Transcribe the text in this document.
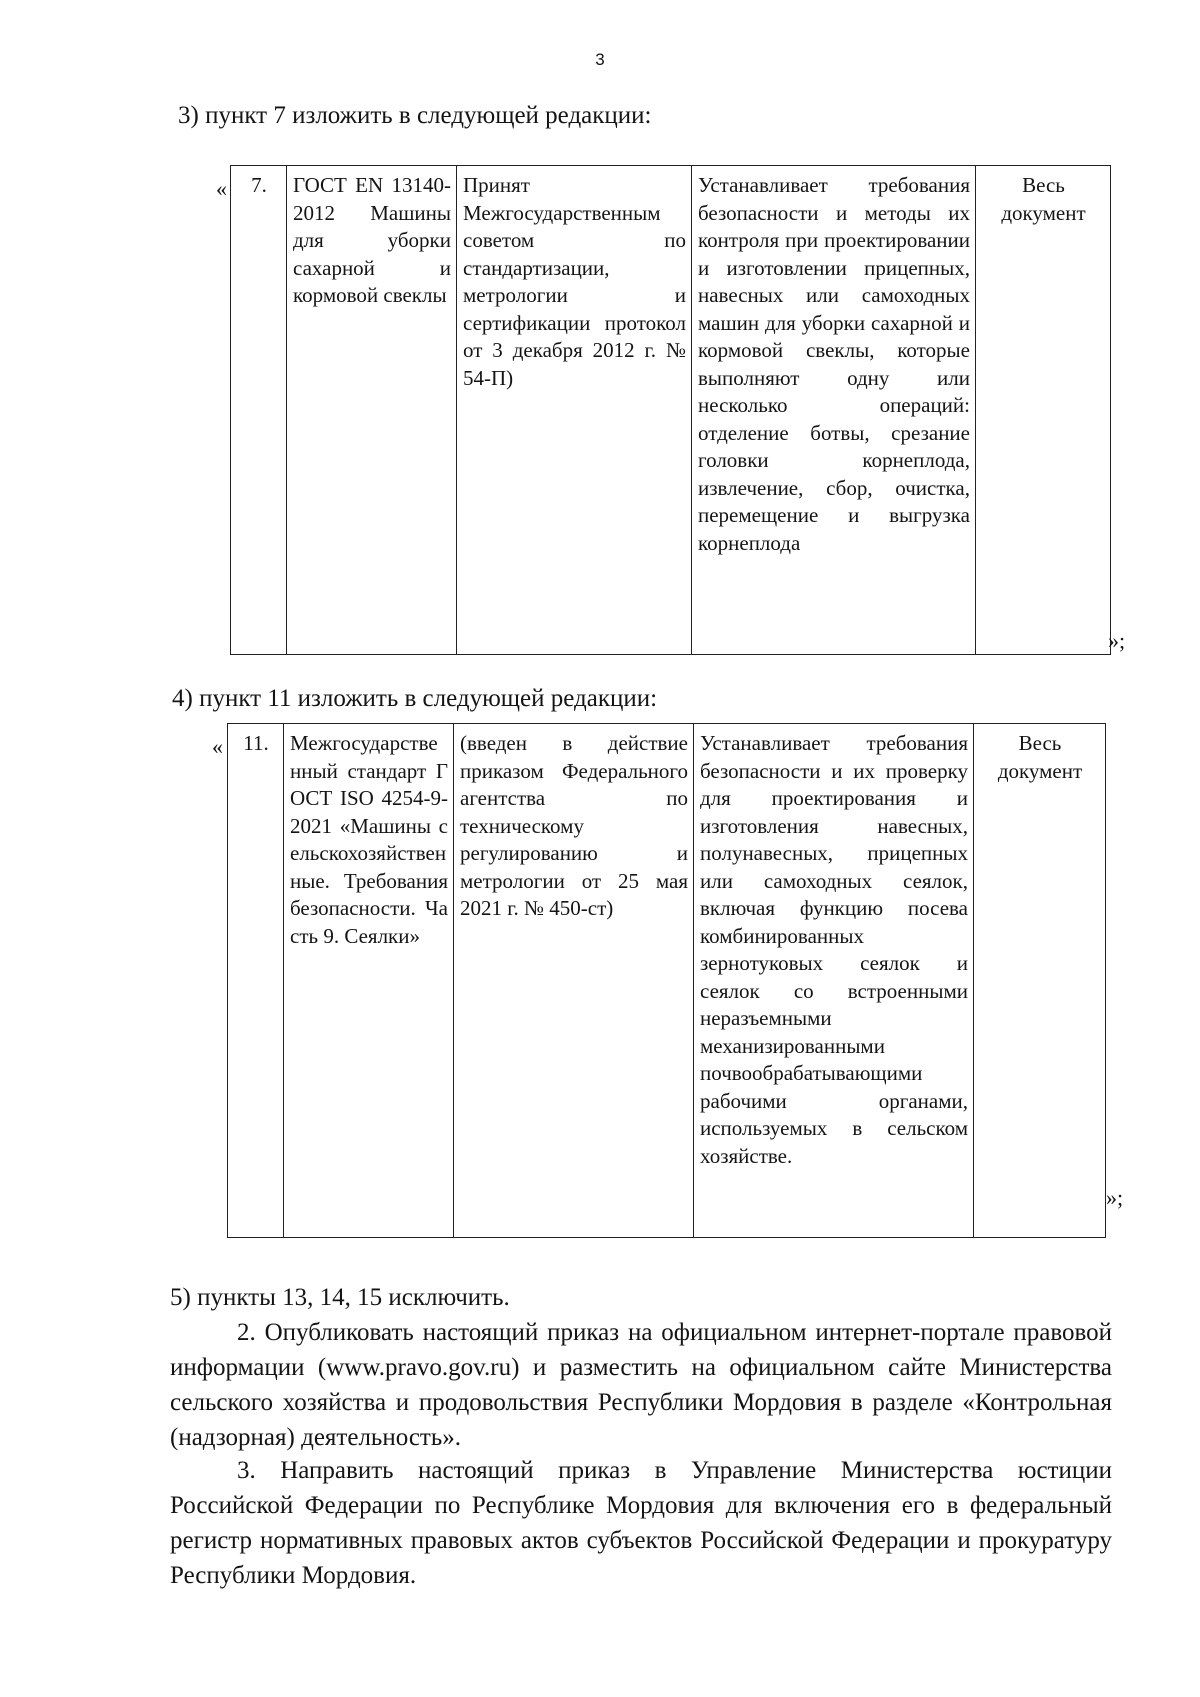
3
3) пункт 7 изложить в следующей редакции:
« 7.	ГОСТ EN 13140-2012 Машины для уборки сахарной и кормовой свеклы	Принят Межгосударственным советом по стандартизации, метрологии и сертификации протокол от 3 декабря 2012 г. № 54-П)	Устанавливает требования безопасности и методы их контроля при проектировании и изготовлении прицепных, навесных или самоходных машин для уборки сахарной и кормовой свеклы, которые выполняют одну или несколько операций: отделение ботвы, срезание головки корнеплода, извлечение, сбор, очистка, перемещение и выгрузка корнеплода	Весь документ
»;
4) пункт 11 изложить в следующей редакции:
« 11.	Межгосударственный стандарт ГОСТ ISO 4254-9-2021 «Машины сельскохозяйственные. Требования безопасности. Часть 9. Сеялки»	(введен в действие приказом Федерального агентства по техническому регулированию и метрологии от 25 мая 2021 г. № 450-ст)	Устанавливает требования безопасности и их проверку для проектирования и изготовления навесных, полунавесных, прицепных или самоходных сеялок, включая функцию посева комбинированных зернотуковых сеялок и сеялок со встроенными неразъемными механизированными почвообрабатывающими рабочими органами, используемых в сельском хозяйстве.	Весь документ
»;
5) пункты 13, 14, 15 исключить.
2. Опубликовать настоящий приказ на официальном интернет-портале правовой информации (www.pravo.gov.ru) и разместить на официальном сайте Министерства сельского хозяйства и продовольствия Республики Мордовия в разделе «Контрольная (надзорная) деятельность».
3. Направить настоящий приказ в Управление Министерства юстиции Российской Федерации по Республике Мордовия для включения его в федеральный регистр нормативных правовых актов субъектов Российской Федерации и прокуратуру Республики Мордовия.
